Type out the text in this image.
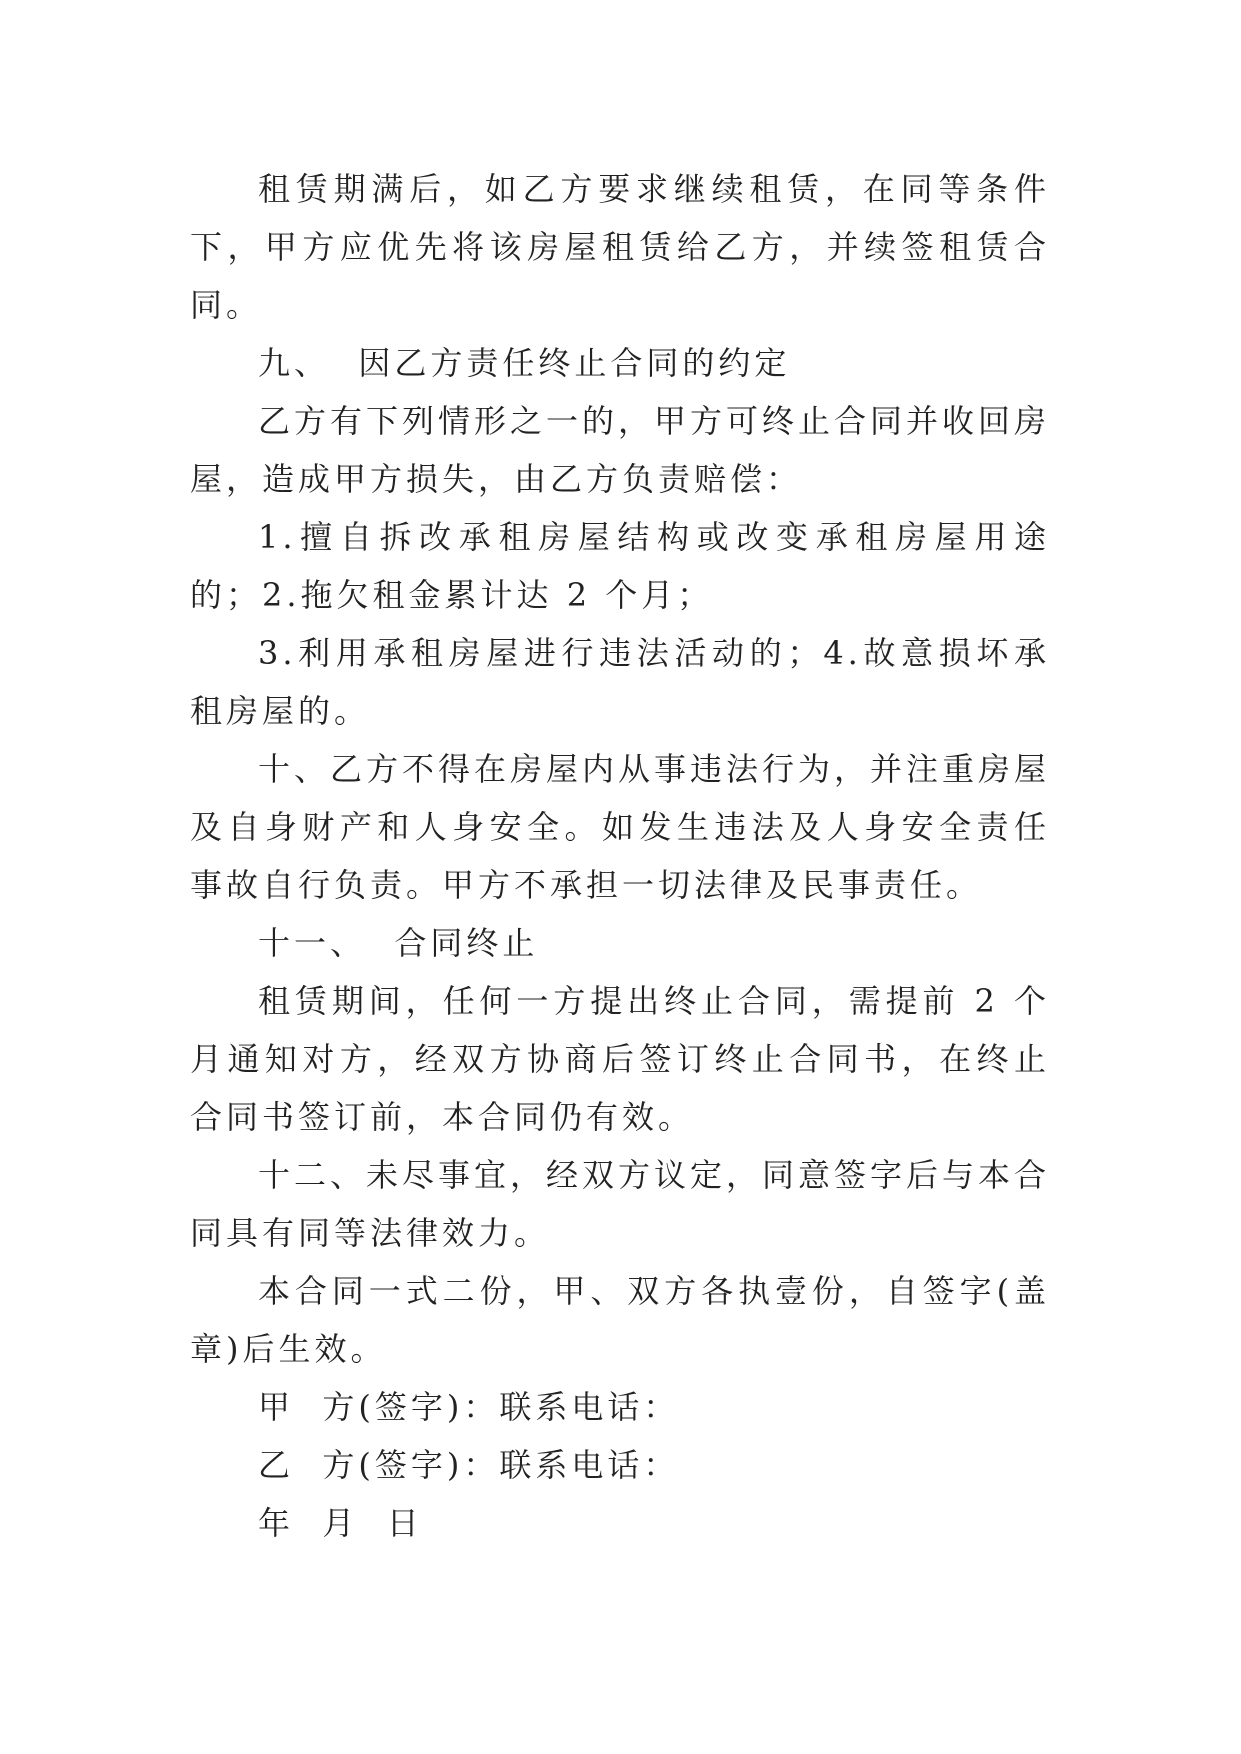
租赁期满后，如乙方要求继续租赁，在同等条件下，甲方应优先将该房屋租赁给乙方，并续签租赁合同。

九、  因乙方责任终止合同的约定

乙方有下列情形之一的，甲方可终止合同并收回房屋，造成甲方损失，由乙方负责赔偿：

1.擅自拆改承租房屋结构或改变承租房屋用途的；2.拖欠租金累计达 2 个月；

3.利用承租房屋进行违法活动的；4.故意损坏承租房屋的。

十、乙方不得在房屋内从事违法行为，并注重房屋及自身财产和人身安全。如发生违法及人身安全责任事故自行负责。甲方不承担一切法律及民事责任。

十一、  合同终止

租赁期间，任何一方提出终止合同，需提前 2 个月通知对方，经双方协商后签订终止合同书，在终止合同书签订前，本合同仍有效。

十二、未尽事宜，经双方议定，同意签字后与本合同具有同等法律效力。

本合同一式二份，甲、双方各执壹份，自签字(盖章)后生效。

甲  方(签字)：联系电话：

乙  方(签字)：联系电话：

年  月  日
